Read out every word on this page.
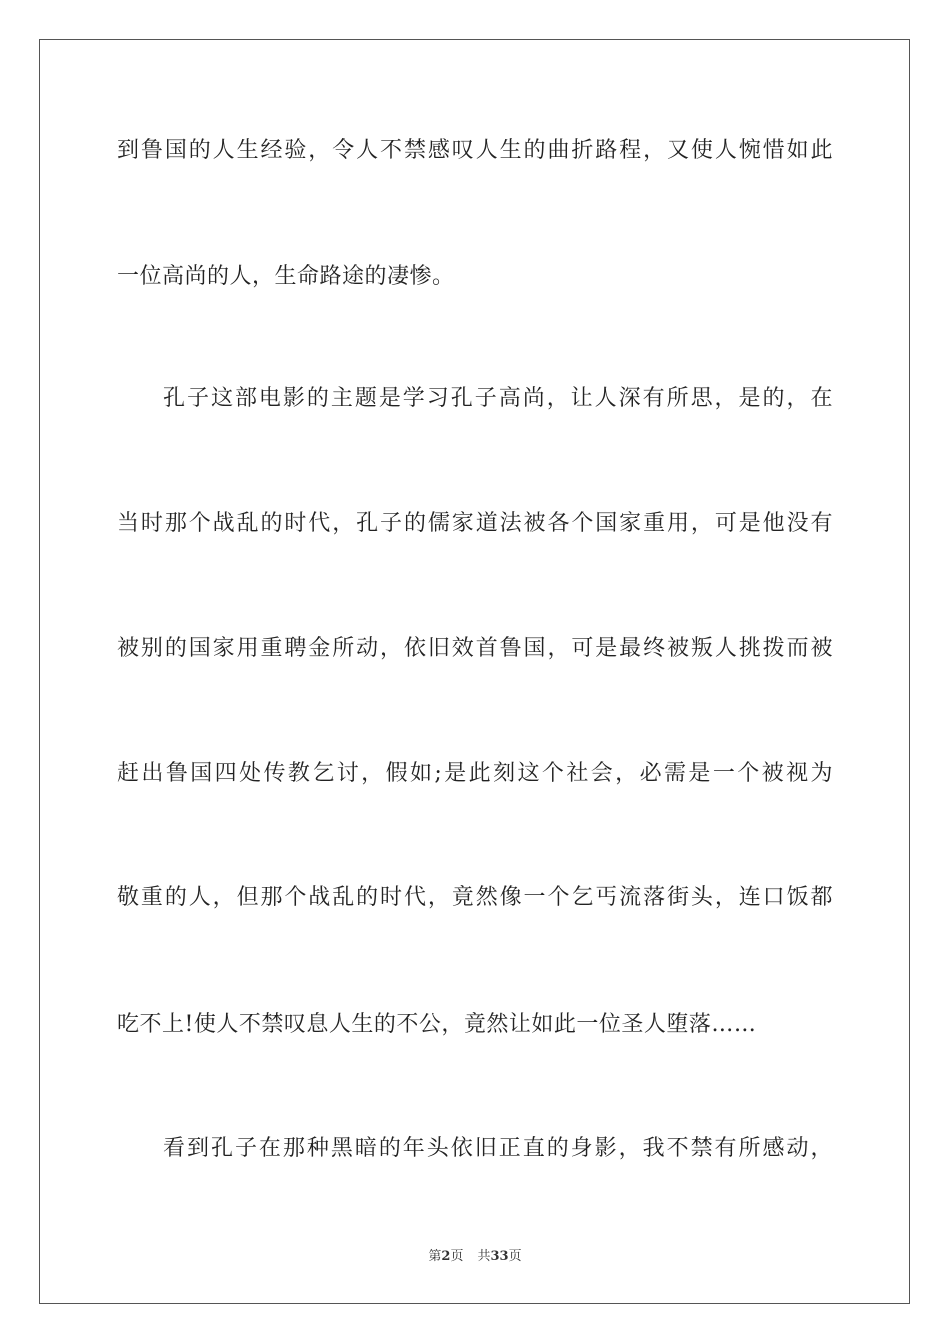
到鲁国的人生经验，令人不禁感叹人生的曲折路程，又使人惋惜如此
一位高尚的人，生命路途的凄惨。
孔子这部电影的主题是学习孔子高尚，让人深有所思，是的，在
当时那个战乱的时代，孔子的儒家道法被各个国家重用，可是他没有
被别的国家用重聘金所动，依旧效首鲁国，可是最终被叛人挑拨而被
赶出鲁国四处传教乞讨，假如;是此刻这个社会，必需是一个被视为
敬重的人，但那个战乱的时代，竟然像一个乞丐流落街头，连口饭都
吃不上!使人不禁叹息人生的不公，竟然让如此一位圣人堕落……
看到孔子在那种黑暗的年头依旧正直的身影，我不禁有所感动，
第2页 共33页
